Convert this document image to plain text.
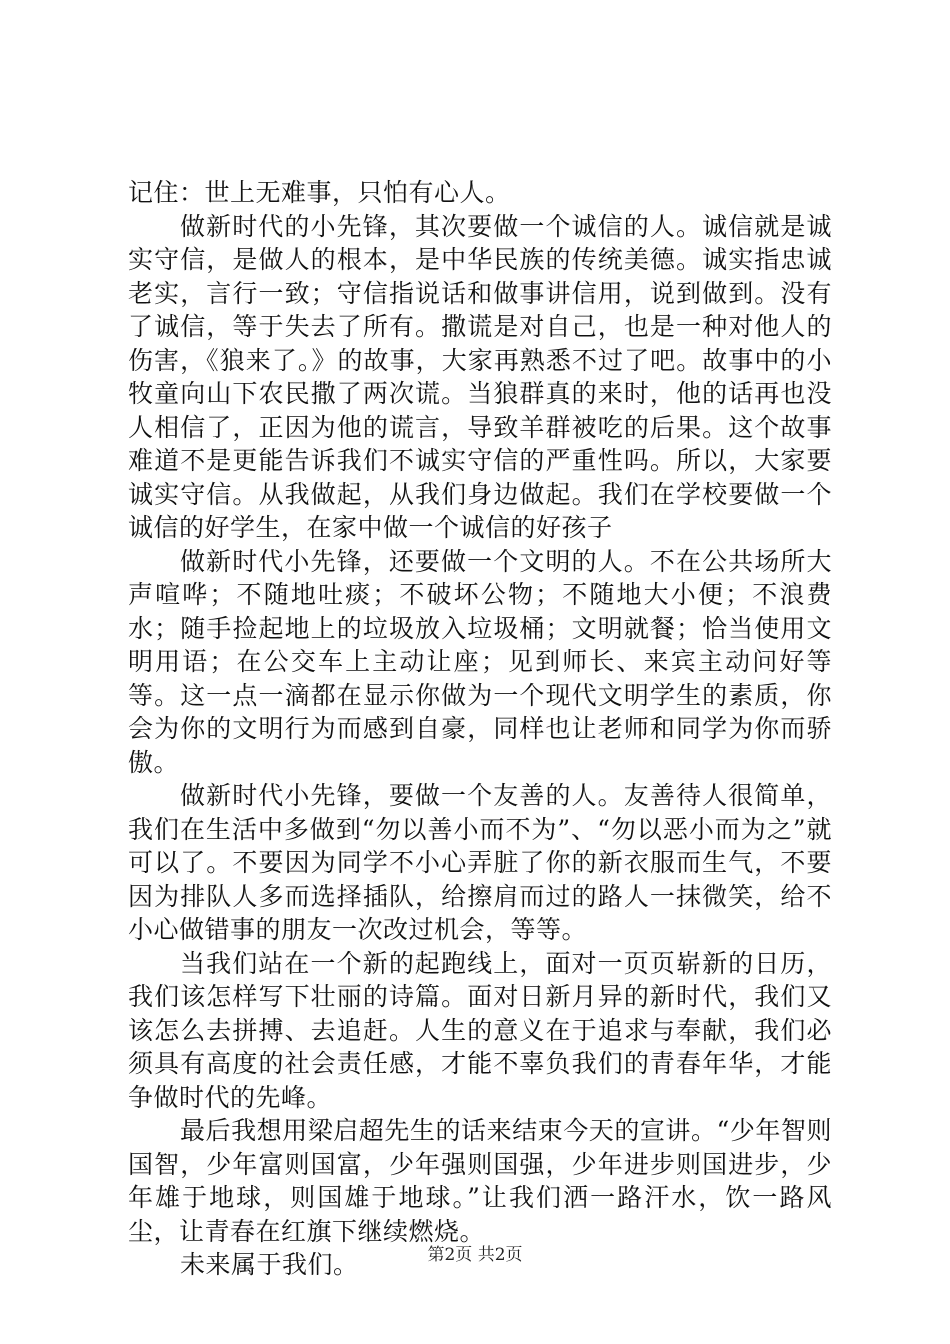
记住：世上无难事，只怕有心人。

做新时代的小先锋，其次要做一个诚信的人。诚信就是诚实守信，是做人的根本，是中华民族的传统美德。诚实指忠诚老实，言行一致；守信指说话和做事讲信用，说到做到。没有了诚信，等于失去了所有。撒谎是对自己，也是一种对他人的伤害，《狼来了。》的故事，大家再熟悉不过了吧。故事中的小牧童向山下农民撒了两次谎。当狼群真的来时，他的话再也没人相信了，正因为他的谎言，导致羊群被吃的后果。这个故事难道不是更能告诉我们不诚实守信的严重性吗。所以，大家要诚实守信。从我做起，从我们身边做起。我们在学校要做一个诚信的好学生，在家中做一个诚信的好孩子

做新时代小先锋，还要做一个文明的人。不在公共场所大声喧哗；不随地吐痰；不破坏公物；不随地大小便；不浪费水；随手捡起地上的垃圾放入垃圾桶；文明就餐；恰当使用文明用语；在公交车上主动让座；见到师长、来宾主动问好等等。这一点一滴都在显示你做为一个现代文明学生的素质，你会为你的文明行为而感到自豪，同样也让老师和同学为你而骄傲。

做新时代小先锋，要做一个友善的人。友善待人很简单，我们在生活中多做到“勿以善小而不为”、“勿以恶小而为之”就可以了。不要因为同学不小心弄脏了你的新衣服而生气，不要因为排队人多而选择插队，给擦肩而过的路人一抹微笑，给不小心做错事的朋友一次改过机会，等等。

当我们站在一个新的起跑线上，面对一页页崭新的日历，我们该怎样写下壮丽的诗篇。面对日新月异的新时代，我们又该怎么去拼搏、去追赶。人生的意义在于追求与奉献，我们必须具有高度的社会责任感，才能不辜负我们的青春年华，才能争做时代的先峰。

最后我想用梁启超先生的话来结束今天的宣讲。“少年智则国智，少年富则国富，少年强则国强，少年进步则国进步，少年雄于地球，则国雄于地球。”让我们洒一路汗水，饮一路风尘，让青春在红旗下继续燃烧。

未来属于我们。	第2页 共2页
